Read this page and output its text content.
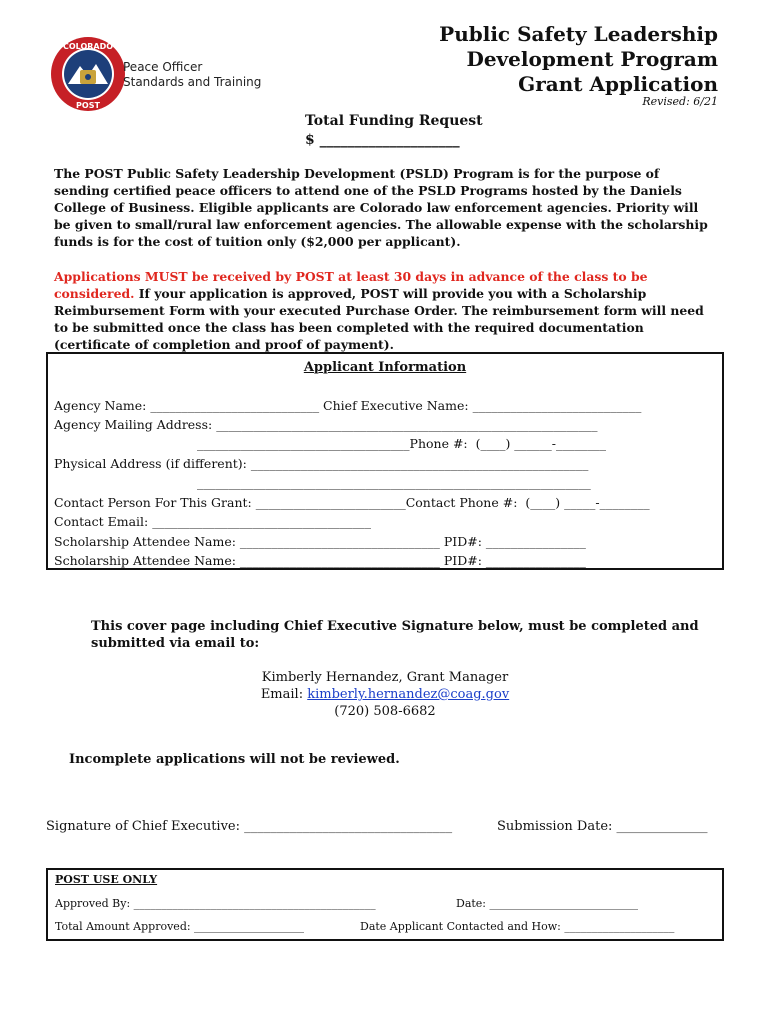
Public Safety Leadership
Development Program
Grant Application
Revised: 6/21
COLORADO
POST
Peace Officer
Standards and Training
Total Funding Request
$ ____________________
The POST Public Safety Leadership Development (PSLD) Program is for the purpose of sending certified peace officers to attend one of the PSLD Programs hosted by the Daniels College of Business. Eligible applicants are Colorado law enforcement agencies. Priority will be given to small/rural law enforcement agencies. The allowable expense with the scholarship funds is for the cost of tuition only ($2,000 per applicant).
Applications MUST be received by POST at least 30 days in advance of the class to be considered. If your application is approved, POST will provide you with a Scholarship Reimbursement Form with your executed Purchase Order. The reimbursement form will need to be submitted once the class has been completed with the required documentation (certificate of completion and proof of payment).
Applicant Information
Agency Name: ___________________________ Chief Executive Name: ___________________________
Agency Mailing Address: _____________________________________________________________
__________________________________Phone #:  (____) ______-________
Physical Address (if different): ______________________________________________________
_______________________________________________________________
Contact Person For This Grant: ________________________Contact Phone #:  (____) _____-________
Contact Email: ___________________________________
Scholarship Attendee Name: ________________________________ PID#: ________________
Scholarship Attendee Name: ________________________________ PID#: ________________
This cover page including Chief Executive Signature below, must be completed and submitted via email to:
Kimberly Hernandez, Grant Manager
Email: kimberly.hernandez@coag.gov
(720) 508-6682
Incomplete applications will not be reviewed.
Signature of Chief Executive: ________________________________	Submission Date: ______________
POST USE ONLY
Approved By: ____________________________________________	Date: ___________________________
Total Amount Approved: ____________________	Date Applicant Contacted and How: ____________________
